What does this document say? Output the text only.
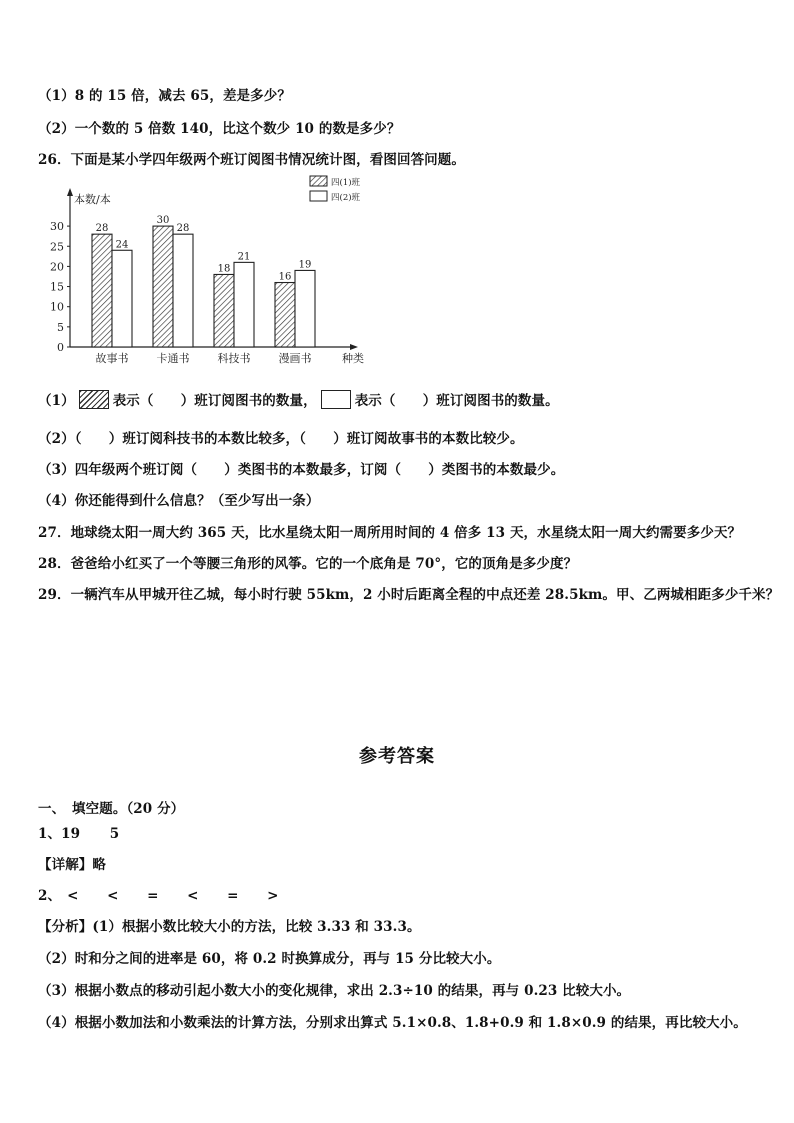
（1）8 的 15 倍，减去 65，差是多少？
（2）一个数的 5 倍数 140，比这个数少 10 的数是多少？
26．下面是某小学四年级两个班订阅图书情况统计图，看图回答问题。
本数/本
种类
0
5
10
15
20
25
30	28
24
故事书
30
28
卡通书
18
21
科技书
16
19
漫画书
四(1)班
四(2)班
（1）	表示（　　）班订阅图书的数量，	表示（　　）班订阅图书的数量。
（2）（　　）班订阅科技书的本数比较多，（　　）班订阅故事书的本数比较少。
（3）四年级两个班订阅（　　）类图书的本数最多，订阅（　　）类图书的本数最少。
（4）你还能得到什么信息？（至少写出一条）
27．地球绕太阳一周大约 365 天，比水星绕太阳一周所用时间的 4 倍多 13 天，水星绕太阳一周大约需要多少天？
28．爸爸给小红买了一个等腰三角形的风筝。它的一个底角是 70°，它的顶角是多少度？
29．一辆汽车从甲城开往乙城，每小时行驶 55km，2 小时后距离全程的中点还差 28.5km。甲、乙两城相距多少千米？
参考答案
一、　填空题。（20 分）
1、19 5
【详解】略
2、 < < = < = >
【分析】(1）根据小数比较大小的方法，比较 3.33 和 33.3。
（2）时和分之间的进率是 60，将 0.2 时换算成分，再与 15 分比较大小。
（3）根据小数点的移动引起小数大小的变化规律，求出 2.3÷10 的结果，再与 0.23 比较大小。
（4）根据小数加法和小数乘法的计算方法，分别求出算式 5.1×0.8、1.8+0.9 和 1.8×0.9 的结果，再比较大小。
